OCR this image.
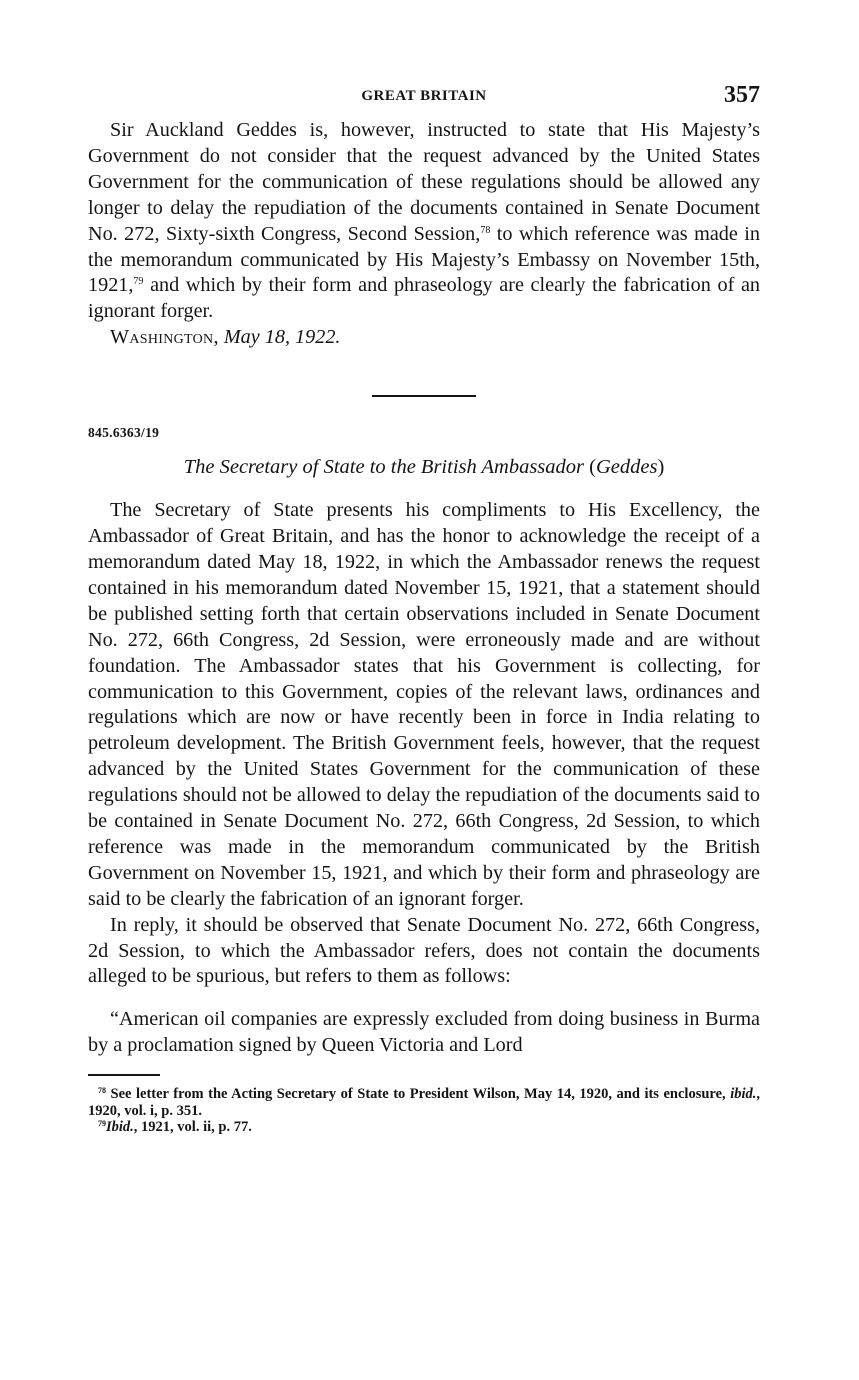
GREAT BRITAIN	357

Sir Auckland Geddes is, however, instructed to state that His Majesty’s Government do not consider that the request advanced by the United States Government for the communication of these regulations should be allowed any longer to delay the repudiation of the documents contained in Senate Document No. 272, Sixty-sixth Congress, Second Session,$^{78}$ to which reference was made in the memorandum communicated by His Majesty’s Embassy on November 15th, 1921,79 and which by their form and phraseology are clearly the fabrication of an ignorant forger.

Washington, May 18, 1922.

845.6363/19
The Secretary of State to the British Ambassador (Geddes)

The Secretary of State presents his compliments to His Excellency, the Ambassador of Great Britain, and has the honor to acknowledge the receipt of a memorandum dated May 18, 1922, in which the Ambassador renews the request contained in his memorandum dated November 15, 1921, that a statement should be published setting forth that certain observations included in Senate Document No. 272, 66th Congress, 2d Session, were erroneously made and are without foundation. The Ambassador states that his Government is collecting, for communication to this Government, copies of the relevant laws, ordinances and regulations which are now or have recently been in force in India relating to petroleum development. The British Government feels, however, that the request advanced by the United States Government for the communication of these regulations should not be allowed to delay the repudiation of the documents said to be contained in Senate Document No. 272, 66th Congress, 2d Session, to which reference was made in the memorandum communicated by the British Government on November 15, 1921, and which by their form and phraseology are said to be clearly the fabrication of an ignorant forger.

In reply, it should be observed that Senate Document No. 272, 66th Congress, 2d Session, to which the Ambassador refers, does not contain the documents alleged to be spurious, but refers to them as follows:

“American oil companies are expressly excluded from doing business in Burma by a proclamation signed by Queen Victoria and Lord

$^{78}$ See letter from the Acting Secretary of State to President Wilson, May 14, 1920, and its enclosure, ibid., 1920, vol. i, p. 351.

$^{79}$Ibid., 1921, vol. ii, p. 77.
